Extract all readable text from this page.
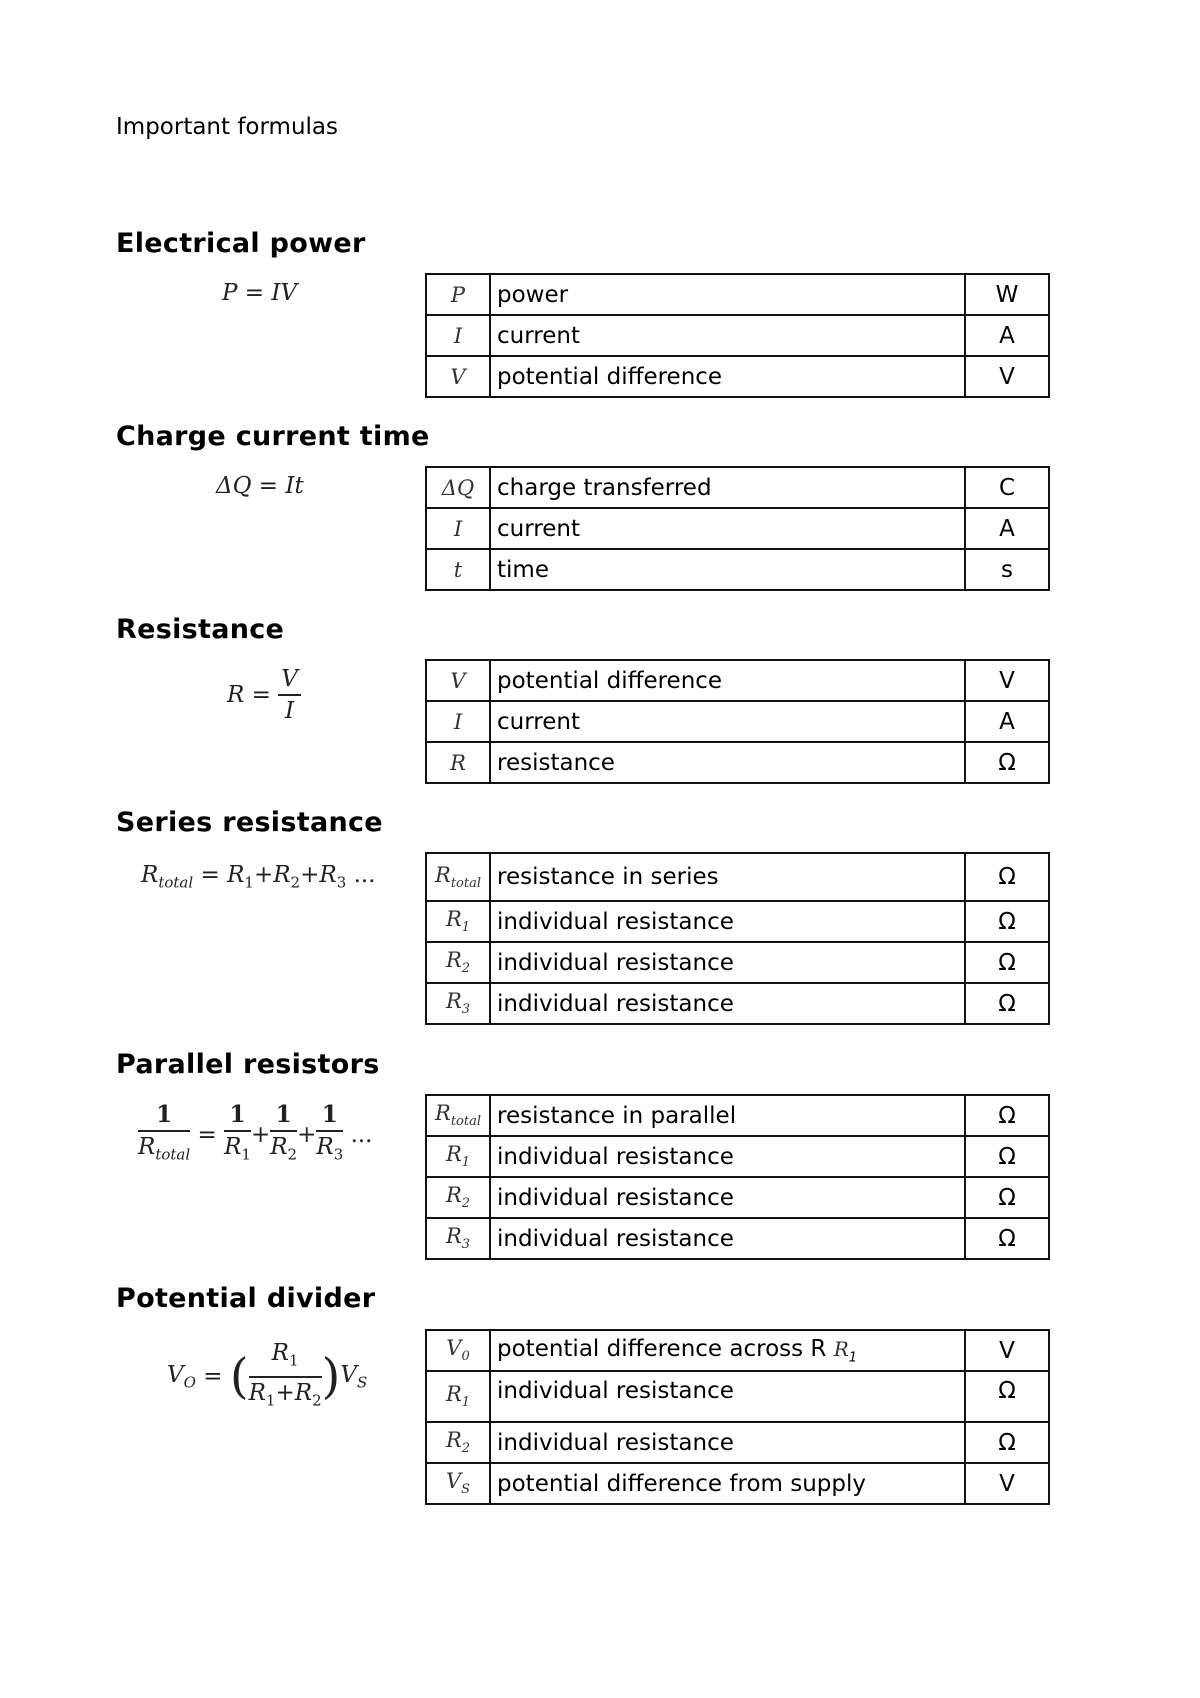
Important formulas
Electrical power
P = IV	P	power	W
I	current	A
V	potential difference	V
Charge current time
ΔQ = It	ΔQ	charge transferred	C
I	current	A
t	time	s
Resistance
$R = \frac{V}{I}$	V	potential difference	V
I	current	A
R	resistance	Ω
Series resistance
$R_{total} = R_1+R_2+R_3$ ...	$R_{total}$	resistance in series	Ω
$R_1$	individual resistance	Ω
$R_2$	individual resistance	Ω
$R_3$	individual resistance	Ω
Parallel resistors
$\frac{1}{R_{total}} = \frac{1}{R_1} + \frac{1}{R_2} + \frac{1}{R_3}$ ...
$R_{total}$	resistance in parallel	Ω
$R_1$	individual resistance	Ω
$R_2$	individual resistance	Ω
$R_3$	individual resistance	Ω
Potential divider
$V_O$ = ( $\frac{R_1}{R_1+R_2} )V_S$
$V_0$	potential difference across R $R_1$	V
$R_1$	individual resistance	Ω
$R_2$	individual resistance	Ω
$V_S$	potential difference from supply	V
